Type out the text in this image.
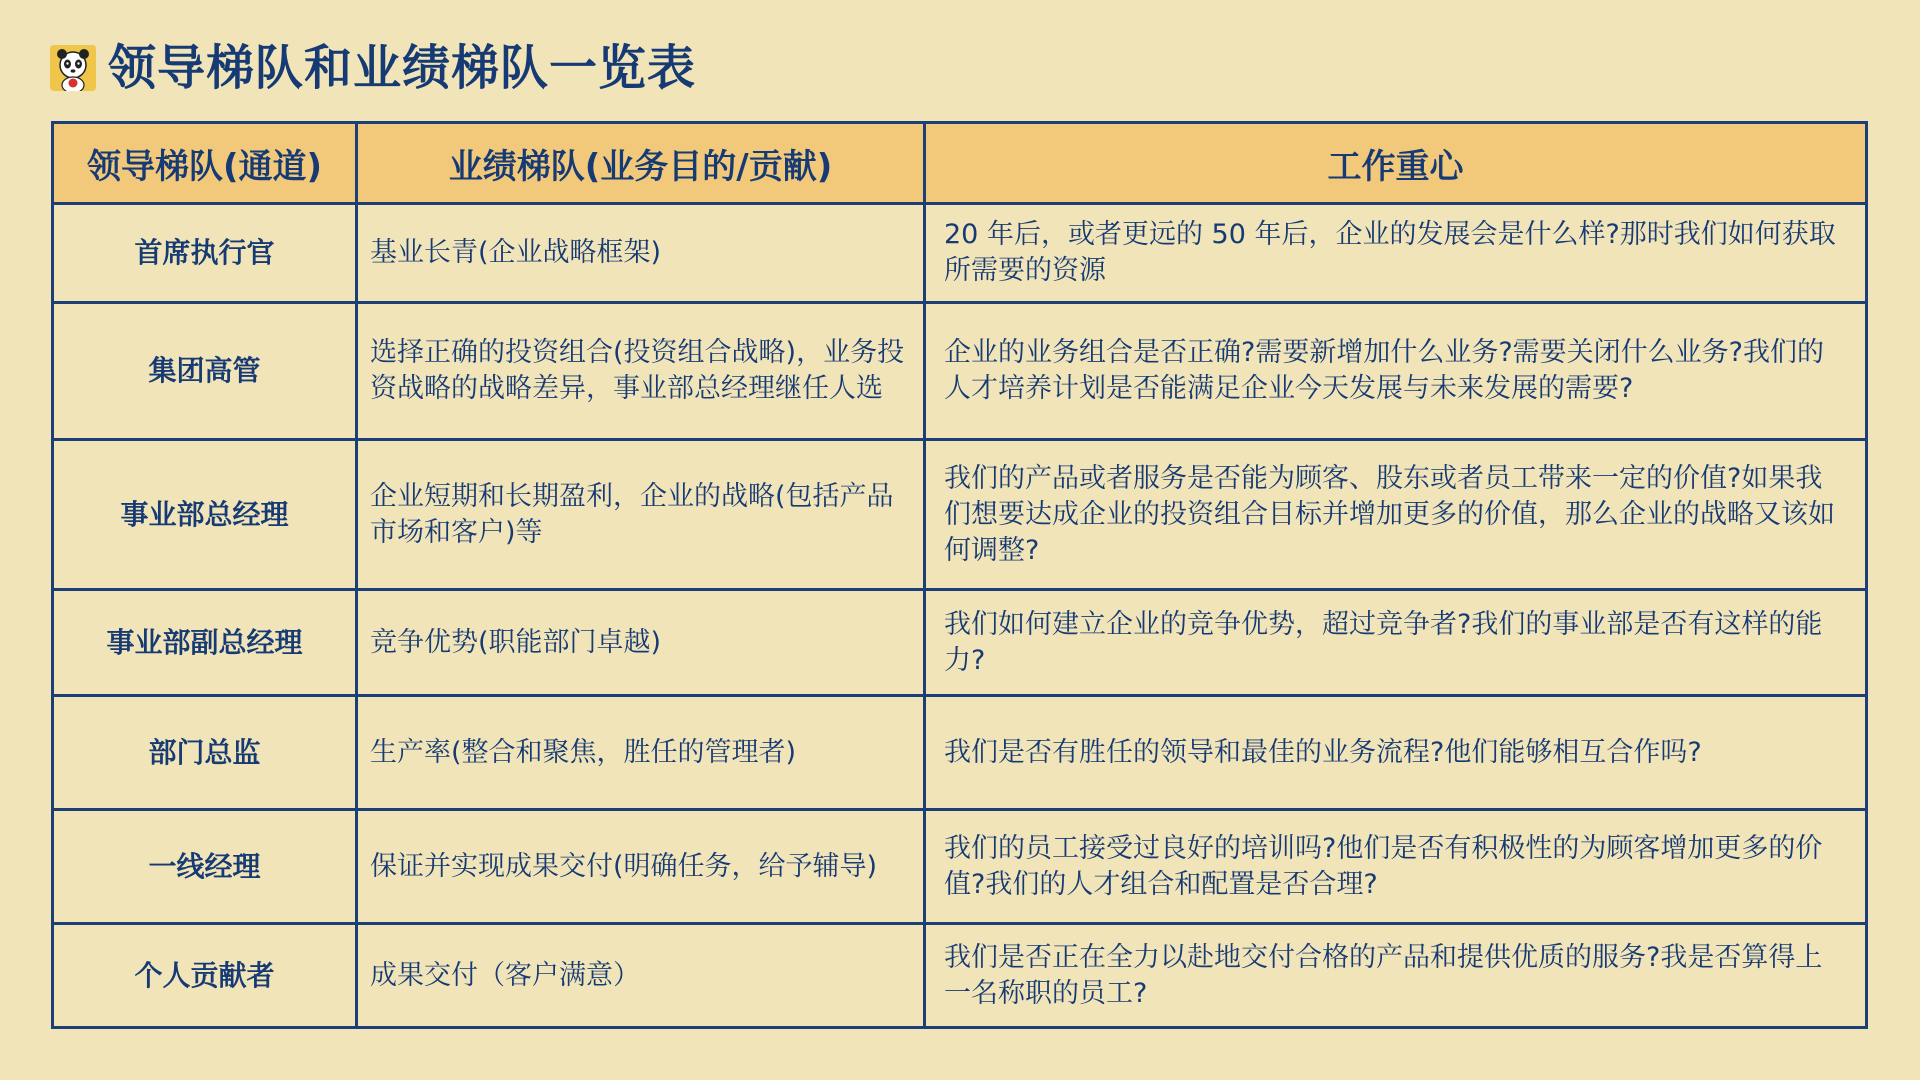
领导梯队和业绩梯队一览表
领导梯队(通道)	业绩梯队(业务目的/贡献)	工作重心
首席执行官	基业长青(企业战略框架)	20 年后，或者更远的 50 年后，企业的发展会是什么样?那时我们如何获取所需要的资源
集团高管	选择正确的投资组合(投资组合战略)，业务投资战略的战略差异，事业部总经理继任人选	企业的业务组合是否正确?需要新增加什么业务?需要关闭什么业务?我们的人才培养计划是否能满足企业今天发展与未来发展的需要?
事业部总经理	企业短期和长期盈利，企业的战略(包括产品市场和客户)等	我们的产品或者服务是否能为顾客、股东或者员工带来一定的价值?如果我们想要达成企业的投资组合目标并增加更多的价值，那么企业的战略又该如何调整?
事业部副总经理	竞争优势(职能部门卓越)	我们如何建立企业的竞争优势，超过竞争者?我们的事业部是否有这样的能力?
部门总监	生产率(整合和聚焦，胜任的管理者)	我们是否有胜任的领导和最佳的业务流程?他们能够相互合作吗?
一线经理	保证并实现成果交付(明确任务，给予辅导)	我们的员工接受过良好的培训吗?他们是否有积极性的为顾客增加更多的价值?我们的人才组合和配置是否合理?
个人贡献者	成果交付（客户满意）	我们是否正在全力以赴地交付合格的产品和提供优质的服务?我是否算得上一名称职的员工?
